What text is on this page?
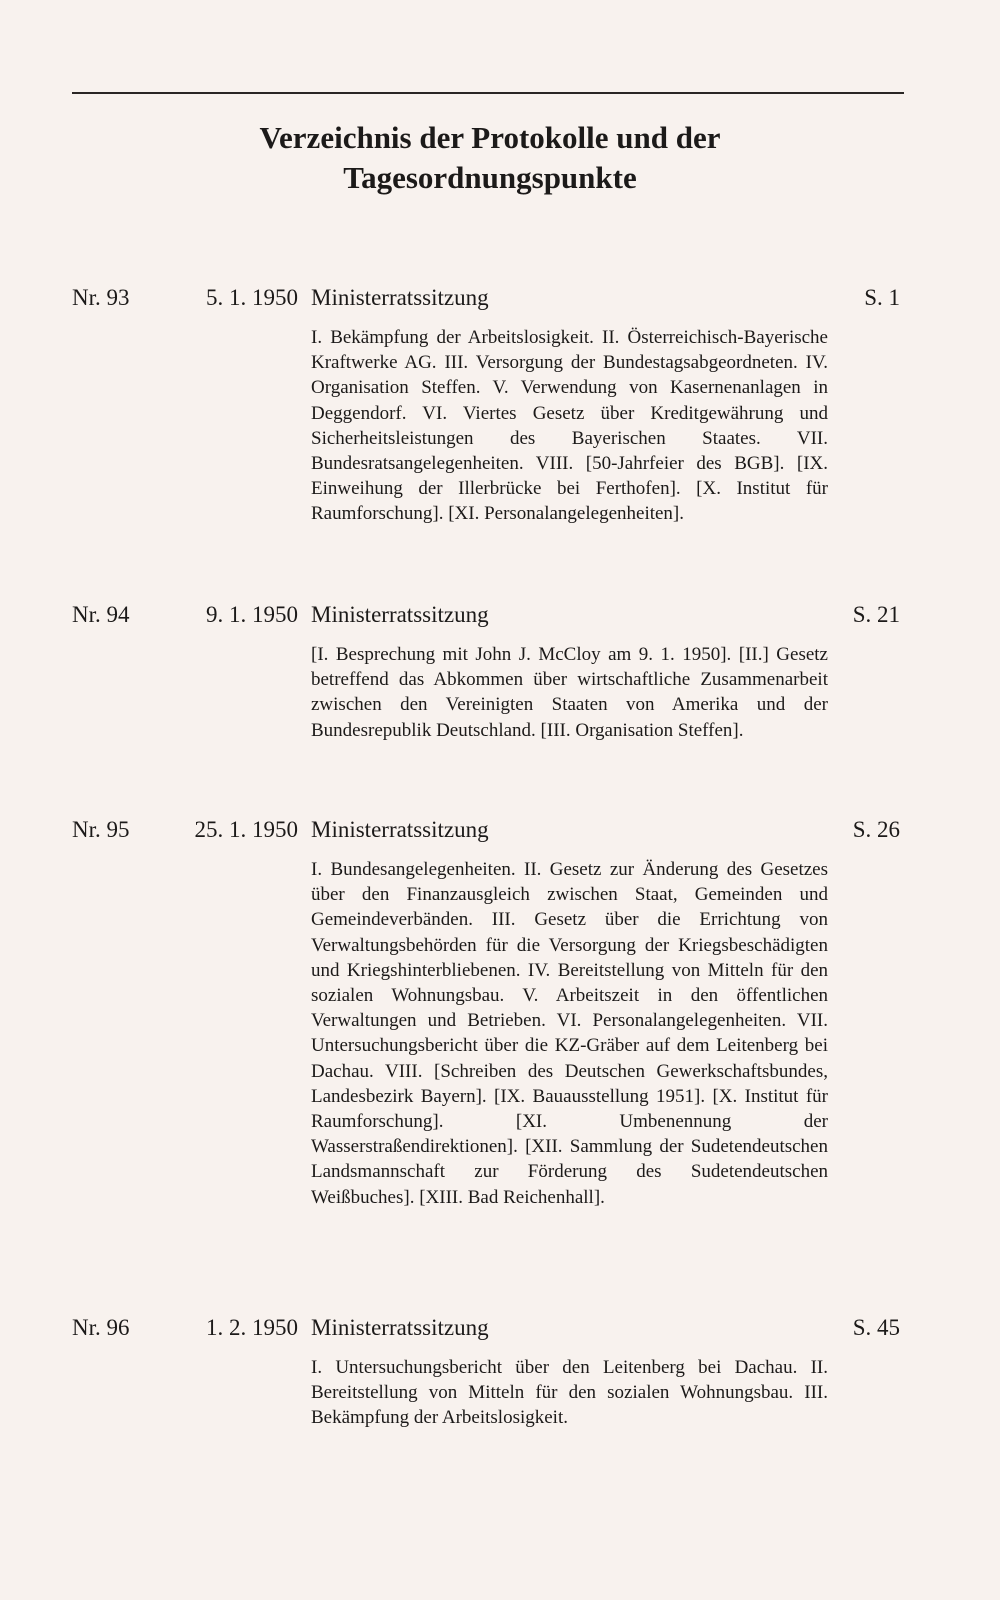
Verzeichnis der Protokolle und der Tagesordnungspunkte
Nr. 93	5. 1. 1950 Ministerratssitzung	S. 1

I. Bekämpfung der Arbeitslosigkeit. II. Österreichisch-Bayerische Kraftwerke AG. III. Versorgung der Bundestagsabgeordneten. IV. Organisation Steffen. V. Verwendung von Kasernenanlagen in Deggendorf. VI. Viertes Gesetz über Kreditgewährung und Sicherheitsleistungen des Bayerischen Staates. VII. Bundesratsangelegenheiten. VIII. [50-Jahrfeier des BGB]. [IX. Einweihung der Illerbrücke bei Ferthofen]. [X. Institut für Raumforschung]. [XI. Personalangelegenheiten].

Nr. 94	9. 1. 1950 Ministerratssitzung	S. 21

[I. Besprechung mit John J. McCloy am 9. 1. 1950]. [II.] Gesetz betreffend das Abkommen über wirtschaftliche Zusammenarbeit zwischen den Vereinigten Staaten von Amerika und der Bundesrepublik Deutschland. [III. Organisation Steffen].

Nr. 95	25. 1. 1950 Ministerratssitzung	S. 26

I. Bundesangelegenheiten. II. Gesetz zur Änderung des Gesetzes über den Finanzausgleich zwischen Staat, Gemeinden und Gemeindeverbänden. III. Gesetz über die Errichtung von Verwaltungsbehörden für die Versorgung der Kriegsbeschädigten und Kriegshinterbliebenen. IV. Bereitstellung von Mitteln für den sozialen Wohnungsbau. V. Arbeitszeit in den öffentlichen Verwaltungen und Betrieben. VI. Personalangelegenheiten. VII. Untersuchungsbericht über die KZ-Gräber auf dem Leitenberg bei Dachau. VIII. [Schreiben des Deutschen Gewerkschaftsbundes, Landesbezirk Bayern]. [IX. Bauausstellung 1951]. [X. Institut für Raumforschung]. [XI. Umbenennung der Wasserstraßendirektionen]. [XII. Sammlung der Sudetendeutschen Landsmannschaft zur Förderung des Sudetendeutschen Weißbuches]. [XIII. Bad Reichenhall].

Nr. 96	1. 2. 1950 Ministerratssitzung	S. 45

I. Untersuchungsbericht über den Leitenberg bei Dachau. II. Bereitstellung von Mitteln für den sozialen Wohnungsbau. III. Bekämpfung der Arbeitslosigkeit.
